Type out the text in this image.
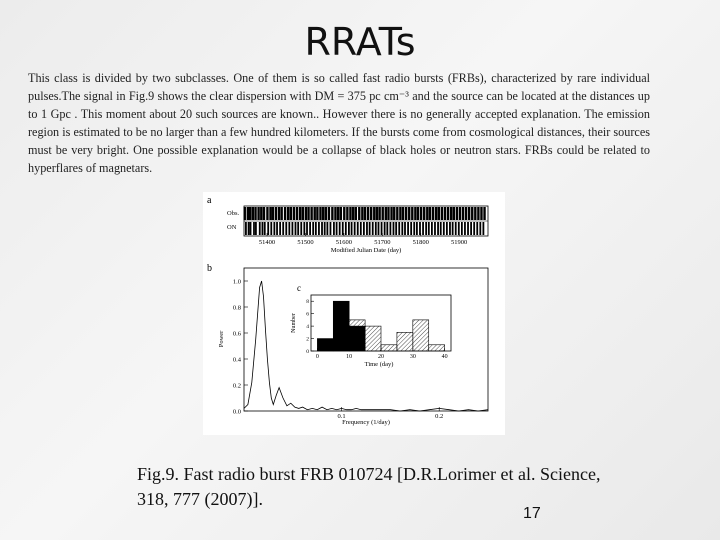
RRATs
This class is divided by two subclasses. One of them is so called fast radio bursts (FRBs), characterized by rare individual pulses.The signal in Fig.9 shows the clear dispersion with DM = 375 pc cm⁻³ and the source can be located at the distances up to 1 Gpc . This moment about 20 such sources are known.. However there is no generally accepted explanation. The emission region is estimated to be no larger than a few hundred kilometers. If the bursts come from cosmological distances, their sources must be very bright. One possible explanation would be a collapse of black holes or neutron stars. FRBs could be related to hyperflares of magnetars.
a
Obs.
ON
51400	51500	51600	51700	51800	51900
Modified Julian Date (day)
b
Power
0.0
0.2
0.4
0.6
0.8
1.0
0.1	0.2
Frequency (1/day)
c
Number
0
2
4
6
8
0	10	20	30	40
Time (day)
Fig.9. Fast radio burst FRB 010724 [D.R.Lorimer et al. Science, 318, 777 (2007)].
17
